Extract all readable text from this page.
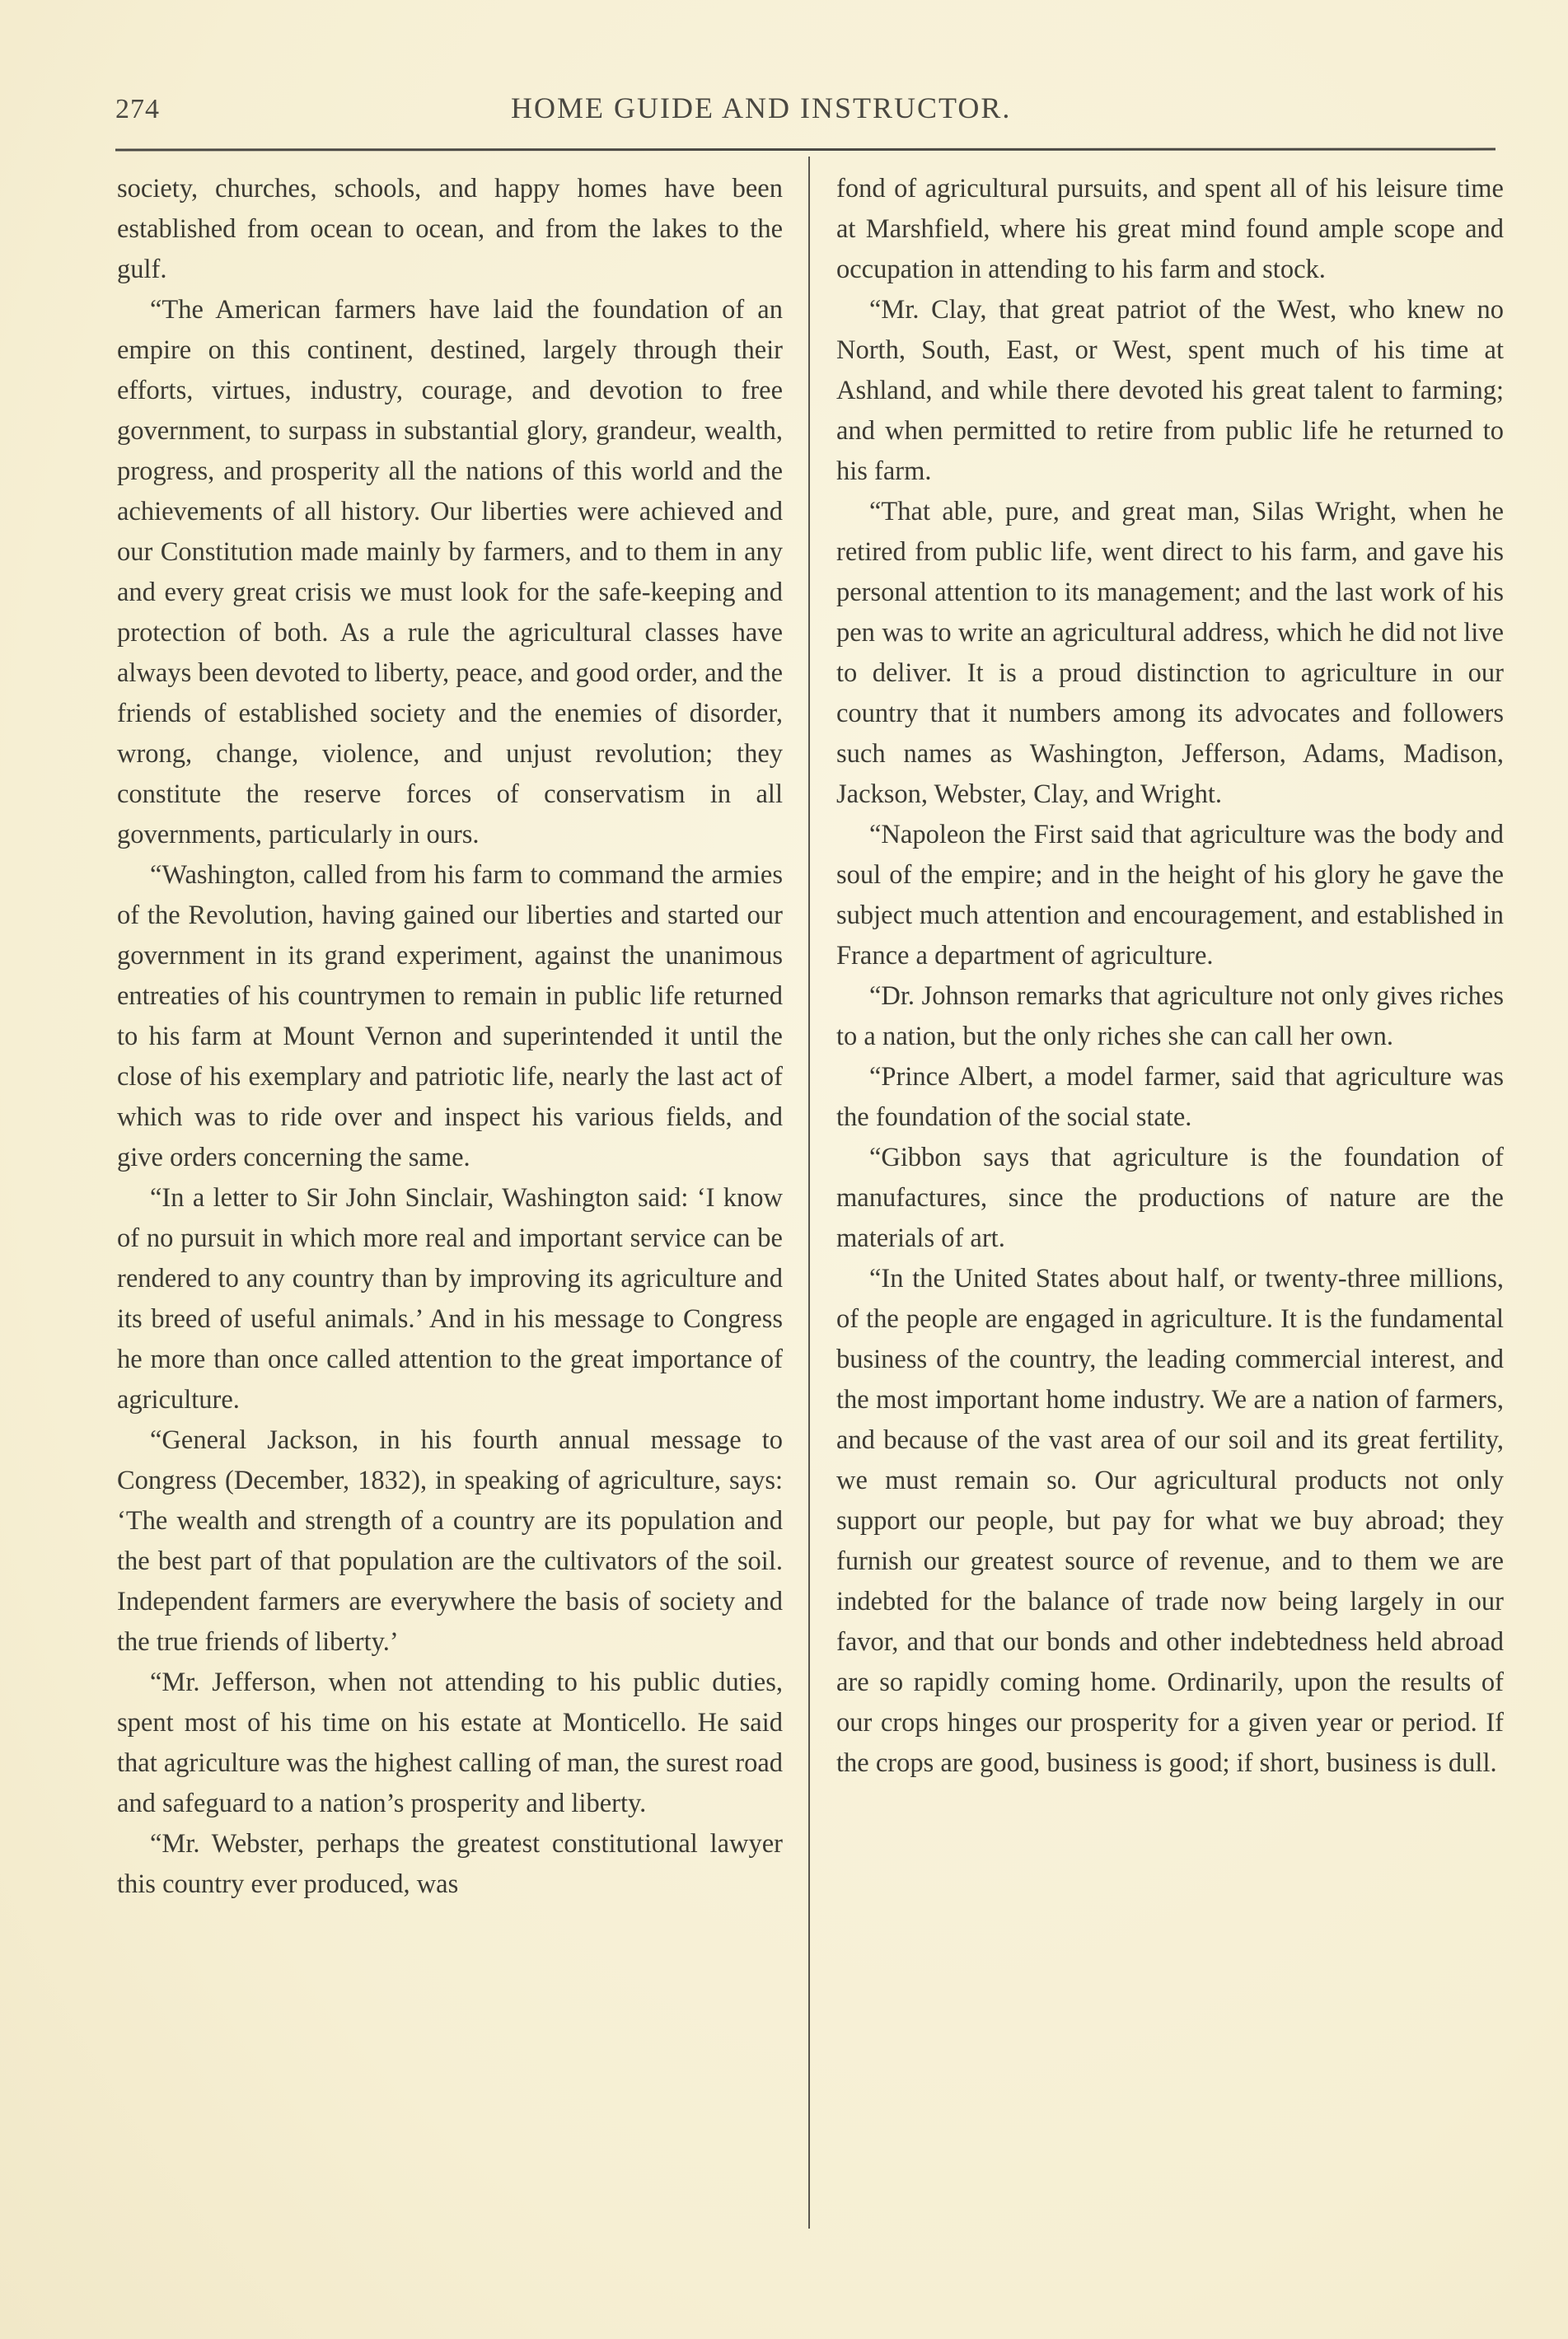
274	HOME GUIDE AND INSTRUCTOR.

society, churches, schools, and happy homes have been established from ocean to ocean, and from the lakes to the gulf.

“The American farmers have laid the foundation of an empire on this continent, destined, largely through their efforts, virtues, industry, courage, and devotion to free government, to surpass in substantial glory, grandeur, wealth, progress, and prosperity all the nations of this world and the achievements of all history. Our liberties were achieved and our Constitution made mainly by farmers, and to them in any and every great crisis we must look for the safe-keeping and protection of both. As a rule the agricultural classes have always been devoted to liberty, peace, and good order, and the friends of established society and the enemies of disorder, wrong, change, violence, and unjust revolution; they constitute the reserve forces of conservatism in all governments, particularly in ours.

“Washington, called from his farm to command the armies of the Revolution, having gained our liberties and started our government in its grand experiment, against the unanimous entreaties of his countrymen to remain in public life returned to his farm at Mount Vernon and superintended it until the close of his exemplary and patriotic life, nearly the last act of which was to ride over and inspect his various fields, and give orders concerning the same.

“In a letter to Sir John Sinclair, Washington said: ‘I know of no pursuit in which more real and important service can be rendered to any country than by improving its agriculture and its breed of useful animals.’ And in his message to Congress he more than once called attention to the great importance of agriculture.

“General Jackson, in his fourth annual message to Congress (December, 1832), in speaking of agriculture, says: ‘The wealth and strength of a country are its population and the best part of that population are the cultivators of the soil. Independent farmers are everywhere the basis of society and the true friends of liberty.’

“Mr. Jefferson, when not attending to his public duties, spent most of his time on his estate at Monticello. He said that agriculture was the highest calling of man, the surest road and safeguard to a nation’s prosperity and liberty.

“Mr. Webster, perhaps the greatest constitutional lawyer this country ever produced, was

fond of agricultural pursuits, and spent all of his leisure time at Marshfield, where his great mind found ample scope and occupation in attending to his farm and stock.

“Mr. Clay, that great patriot of the West, who knew no North, South, East, or West, spent much of his time at Ashland, and while there devoted his great talent to farming; and when permitted to retire from public life he returned to his farm.

“That able, pure, and great man, Silas Wright, when he retired from public life, went direct to his farm, and gave his personal attention to its management; and the last work of his pen was to write an agricultural address, which he did not live to deliver. It is a proud distinction to agriculture in our country that it numbers among its advocates and followers such names as Washington, Jefferson, Adams, Madison, Jackson, Webster, Clay, and Wright.

“Napoleon the First said that agriculture was the body and soul of the empire; and in the height of his glory he gave the subject much attention and encouragement, and established in France a department of agriculture.

“Dr. Johnson remarks that agriculture not only gives riches to a nation, but the only riches she can call her own.

“Prince Albert, a model farmer, said that agriculture was the foundation of the social state.

“Gibbon says that agriculture is the foundation of manufactures, since the productions of nature are the materials of art.

“In the United States about half, or twenty-three millions, of the people are engaged in agriculture. It is the fundamental business of the country, the leading commercial interest, and the most important home industry. We are a nation of farmers, and because of the vast area of our soil and its great fertility, we must remain so. Our agricultural products not only support our people, but pay for what we buy abroad; they furnish our greatest source of revenue, and to them we are indebted for the balance of trade now being largely in our favor, and that our bonds and other indebtedness held abroad are so rapidly coming home. Ordinarily, upon the results of our crops hinges our prosperity for a given year or period. If the crops are good, business is good; if short, business is dull.
